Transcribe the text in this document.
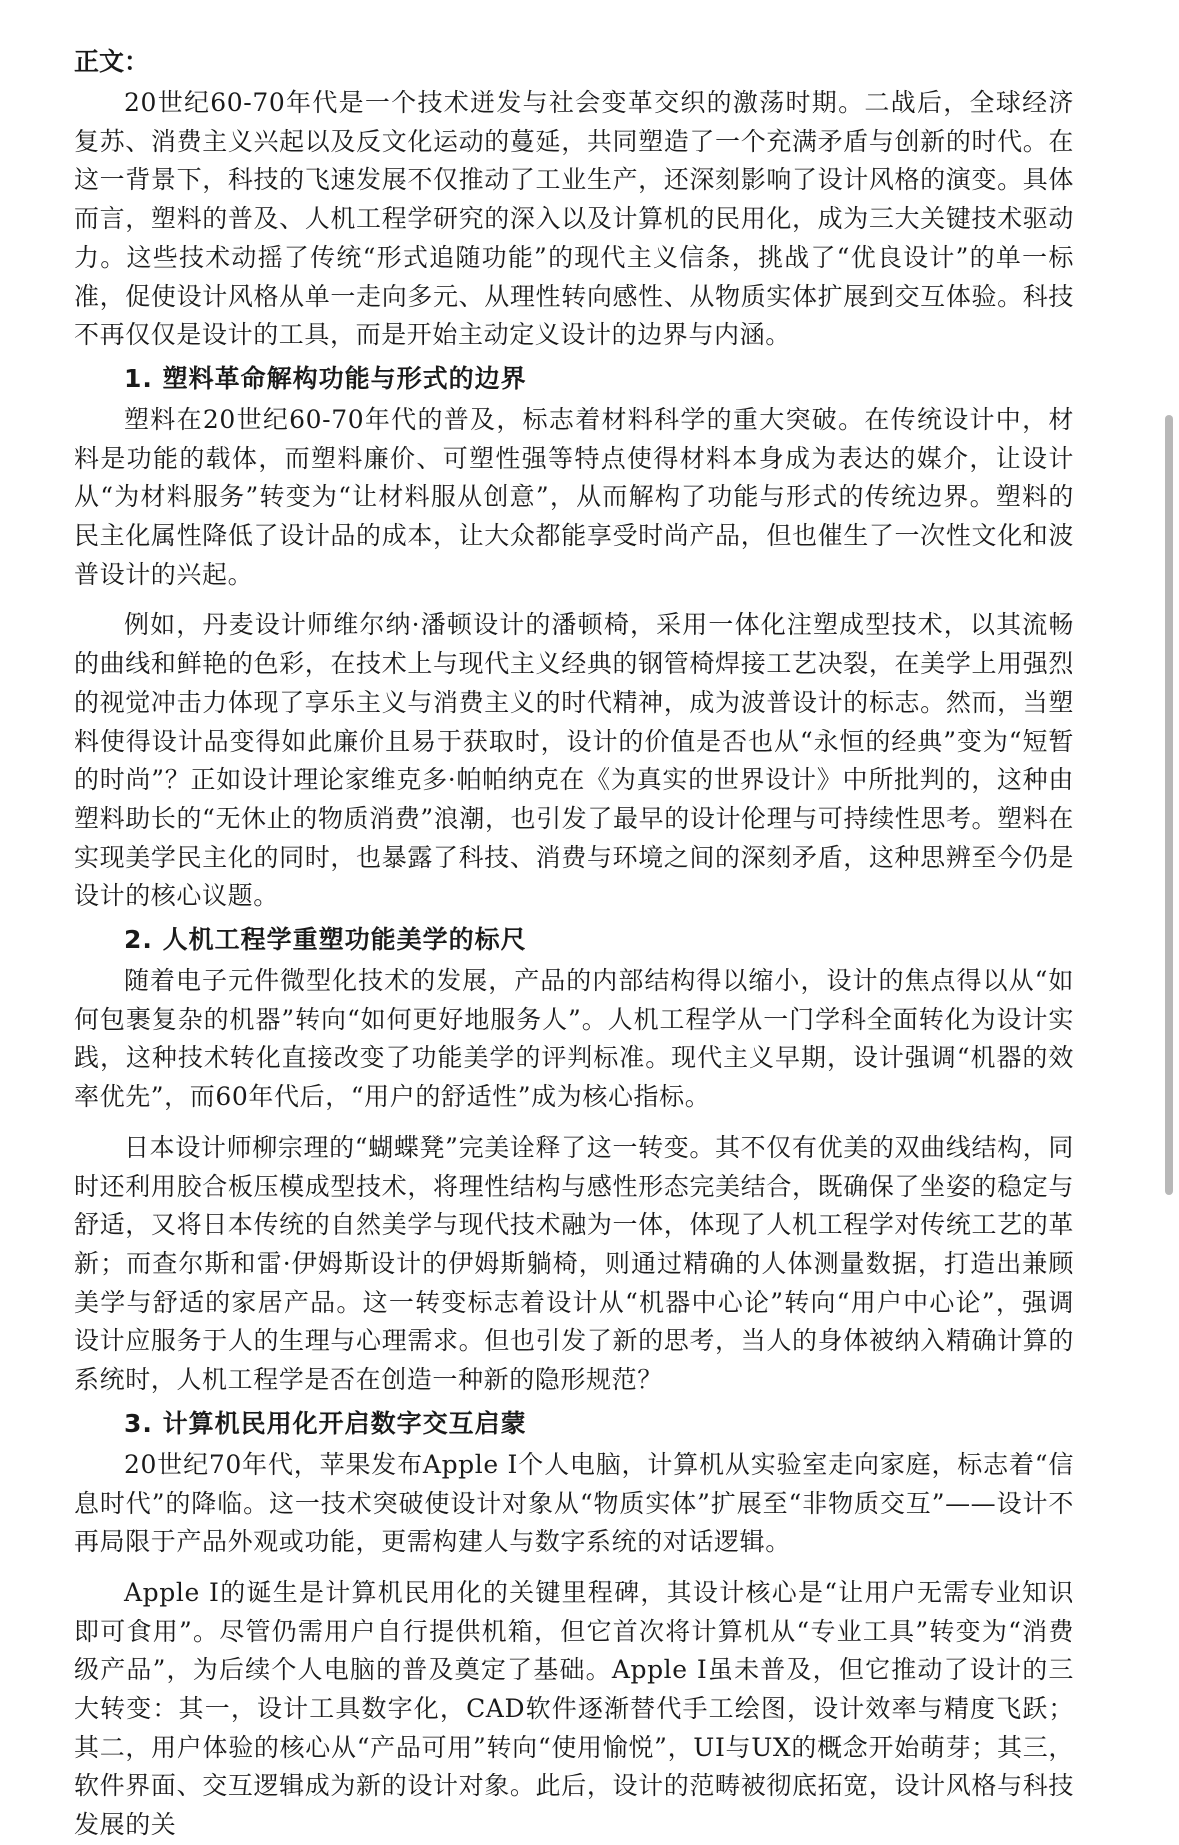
正文：

20世纪60-70年代是一个技术迸发与社会变革交织的激荡时期。二战后，全球经济复苏、消费主义兴起以及反文化运动的蔓延，共同塑造了一个充满矛盾与创新的时代。在这一背景下，科技的飞速发展不仅推动了工业生产，还深刻影响了设计风格的演变。具体而言，塑料的普及、人机工程学研究的深入以及计算机的民用化，成为三大关键技术驱动力。这些技术动摇了传统“形式追随功能”的现代主义信条，挑战了“优良设计”的单一标准，促使设计风格从单一走向多元、从理性转向感性、从物质实体扩展到交互体验。科技不再仅仅是设计的工具，而是开始主动定义设计的边界与内涵。

1. 塑料革命解构功能与形式的边界

塑料在20世纪60-70年代的普及，标志着材料科学的重大突破。在传统设计中，材料是功能的载体，而塑料廉价、可塑性强等特点使得材料本身成为表达的媒介，让设计从“为材料服务”转变为“让材料服从创意”，从而解构了功能与形式的传统边界。塑料的民主化属性降低了设计品的成本，让大众都能享受时尚产品，但也催生了一次性文化和波普设计的兴起。

例如，丹麦设计师维尔纳·潘顿设计的潘顿椅，采用一体化注塑成型技术，以其流畅的曲线和鲜艳的色彩，在技术上与现代主义经典的钢管椅焊接工艺决裂，在美学上用强烈的视觉冲击力体现了享乐主义与消费主义的时代精神，成为波普设计的标志。然而，当塑料使得设计品变得如此廉价且易于获取时，设计的价值是否也从“永恒的经典”变为“短暂的时尚”？正如设计理论家维克多·帕帕纳克在《为真实的世界设计》中所批判的，这种由塑料助长的“无休止的物质消费”浪潮，也引发了最早的设计伦理与可持续性思考。塑料在实现美学民主化的同时，也暴露了科技、消费与环境之间的深刻矛盾，这种思辨至今仍是设计的核心议题。

2. 人机工程学重塑功能美学的标尺

随着电子元件微型化技术的发展，产品的内部结构得以缩小，设计的焦点得以从“如何包裹复杂的机器”转向“如何更好地服务人”。人机工程学从一门学科全面转化为设计实践，这种技术转化直接改变了功能美学的评判标准。现代主义早期，设计强调“机器的效率优先”，而60年代后，“用户的舒适性”成为核心指标。

日本设计师柳宗理的“蝴蝶凳”完美诠释了这一转变。其不仅有优美的双曲线结构，同时还利用胶合板压模成型技术，将理性结构与感性形态完美结合，既确保了坐姿的稳定与舒适，又将日本传统的自然美学与现代技术融为一体，体现了人机工程学对传统工艺的革新；而查尔斯和雷·伊姆斯设计的伊姆斯躺椅，则通过精确的人体测量数据，打造出兼顾美学与舒适的家居产品。这一转变标志着设计从“机器中心论”转向“用户中心论”，强调设计应服务于人的生理与心理需求。但也引发了新的思考，当人的身体被纳入精确计算的系统时，人机工程学是否在创造一种新的隐形规范？

3. 计算机民用化开启数字交互启蒙

20世纪70年代，苹果发布Apple I个人电脑，计算机从实验室走向家庭，标志着“信息时代”的降临。这一技术突破使设计对象从“物质实体”扩展至“非物质交互”——设计不再局限于产品外观或功能，更需构建人与数字系统的对话逻辑。

Apple I的诞生是计算机民用化的关键里程碑，其设计核心是“让用户无需专业知识即可食用”。尽管仍需用户自行提供机箱，但它首次将计算机从“专业工具”转变为“消费级产品”，为后续个人电脑的普及奠定了基础。Apple I虽未普及，但它推动了设计的三大转变：其一，设计工具数字化，CAD软件逐渐替代手工绘图，设计效率与精度飞跃；其二，用户体验的核心从“产品可用”转向“使用愉悦”，UI与UX的概念开始萌芽；其三，软件界面、交互逻辑成为新的设计对象。此后，设计的范畴被彻底拓宽，设计风格与科技发展的关
